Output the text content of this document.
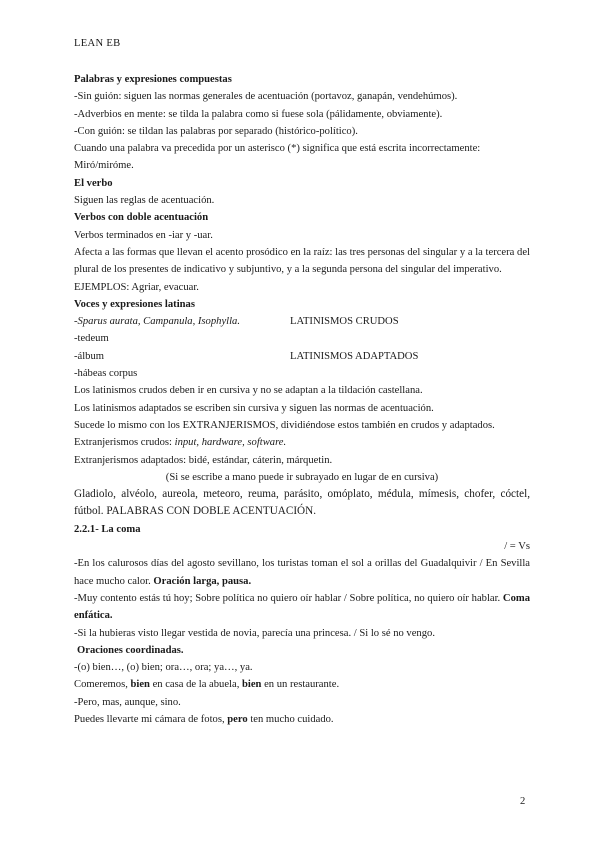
LEAN EB
Palabras y expresiones compuestas
-Sin guión: siguen las normas generales de acentuación (portavoz, ganapán, vendehúmos).
-Adverbios en mente: se tilda la palabra como si fuese sola (pálidamente, obviamente).
-Con guión: se tildan las palabras por separado (histórico-político).
Cuando una palabra va precedida por un asterisco (*) significa que está escrita incorrectamente:
Miró/miróme.
El verbo
Siguen las reglas de acentuación.
Verbos con doble acentuación
Verbos terminados en -iar y -uar.
Afecta a las formas que llevan el acento prosódico en la raíz: las tres personas del singular y a la tercera del plural de los presentes de indicativo y subjuntivo, y a la segunda persona del singular del imperativo.
EJEMPLOS: Agriar, evacuar.
Voces y expresiones latinas
-Sparus aurata, Campanula, Isophylla.	LATINISMOS CRUDOS
-tedeum
-álbum	LATINISMOS ADAPTADOS
-hábeas corpus
Los latinismos crudos deben ir en cursiva y no se adaptan a la tildación castellana.
Los latinismos adaptados se escriben sin cursiva y siguen las normas de acentuación.
Sucede lo mismo con los EXTRANJERISMOS, dividiéndose estos también en crudos y adaptados.
Extranjerismos crudos: input, hardware, software.
Extranjerismos adaptados: bidé, estándar, cáterin, márquetin.
(Si se escribe a mano puede ir subrayado en lugar de en cursiva)
Gladiolo, alvéolo, aureola, meteoro, reuma, parásito, omóplato, médula, mímesis, chofer, cóctel, fútbol. PALABRAS CON DOBLE ACENTUACIÓN.
2.2.1- La coma
/ = Vs
-En los calurosos días del agosto sevillano, los turistas toman el sol a orillas del Guadalquivir / En Sevilla hace mucho calor. Oración larga, pausa.
-Muy contento estás tú hoy; Sobre política no quiero oír hablar / Sobre política, no quiero oír hablar. Coma enfática.
-Si la hubieras visto llegar vestida de novia, parecía una princesa. / Si lo sé no vengo.
Oraciones coordinadas.
-(o) bien…, (o) bien; ora…, ora; ya…, ya.
Comeremos, bien en casa de la abuela, bien en un restaurante.
-Pero, mas, aunque, sino.
Puedes llevarte mi cámara de fotos, pero ten mucho cuidado.
2
